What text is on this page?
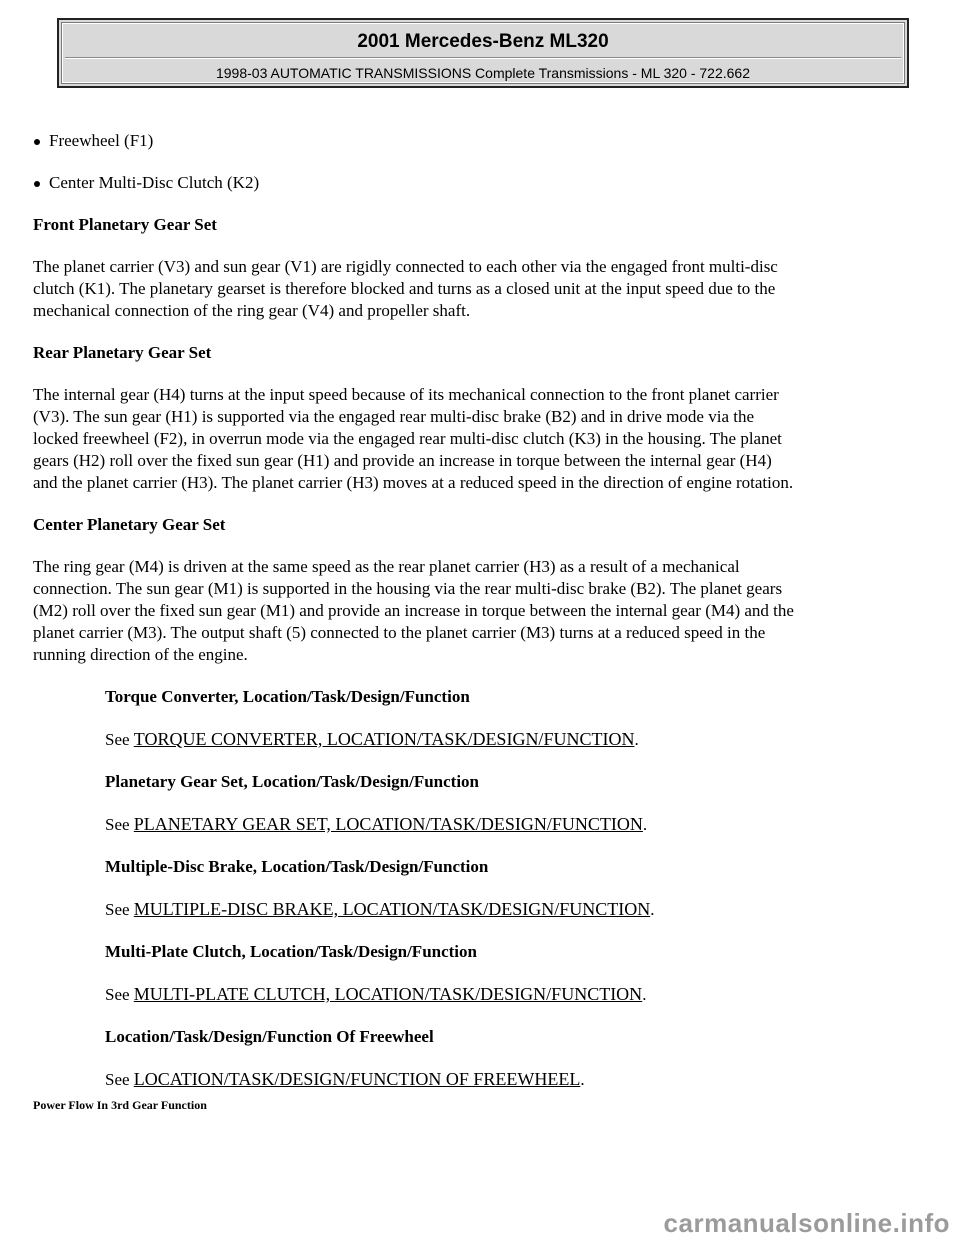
2001 Mercedes-Benz ML320
1998-03 AUTOMATIC TRANSMISSIONS Complete Transmissions - ML 320 - 722.662
Freewheel (F1)
Center Multi-Disc Clutch (K2)
Front Planetary Gear Set
The planet carrier (V3) and sun gear (V1) are rigidly connected to each other via the engaged front multi-disc
clutch (K1). The planetary gearset is therefore blocked and turns as a closed unit at the input speed due to the
mechanical connection of the ring gear (V4) and propeller shaft.
Rear Planetary Gear Set
The internal gear (H4) turns at the input speed because of its mechanical connection to the front planet carrier
(V3). The sun gear (H1) is supported via the engaged rear multi-disc brake (B2) and in drive mode via the
locked freewheel (F2), in overrun mode via the engaged rear multi-disc clutch (K3) in the housing. The planet
gears (H2) roll over the fixed sun gear (H1) and provide an increase in torque between the internal gear (H4)
and the planet carrier (H3). The planet carrier (H3) moves at a reduced speed in the direction of engine rotation.
Center Planetary Gear Set
The ring gear (M4) is driven at the same speed as the rear planet carrier (H3) as a result of a mechanical
connection. The sun gear (M1) is supported in the housing via the rear multi-disc brake (B2). The planet gears
(M2) roll over the fixed sun gear (M1) and provide an increase in torque between the internal gear (M4) and the
planet carrier (M3). The output shaft (5) connected to the planet carrier (M3) turns at a reduced speed in the
running direction of the engine.
Torque Converter, Location/Task/Design/Function
See TORQUE CONVERTER, LOCATION/TASK/DESIGN/FUNCTION.
Planetary Gear Set, Location/Task/Design/Function
See PLANETARY GEAR SET, LOCATION/TASK/DESIGN/FUNCTION.
Multiple-Disc Brake, Location/Task/Design/Function
See MULTIPLE-DISC BRAKE, LOCATION/TASK/DESIGN/FUNCTION.
Multi-Plate Clutch, Location/Task/Design/Function
See MULTI-PLATE CLUTCH, LOCATION/TASK/DESIGN/FUNCTION.
Location/Task/Design/Function Of Freewheel
See LOCATION/TASK/DESIGN/FUNCTION OF FREEWHEEL.
Power Flow In 3rd Gear Function
carmanualsonline.info
